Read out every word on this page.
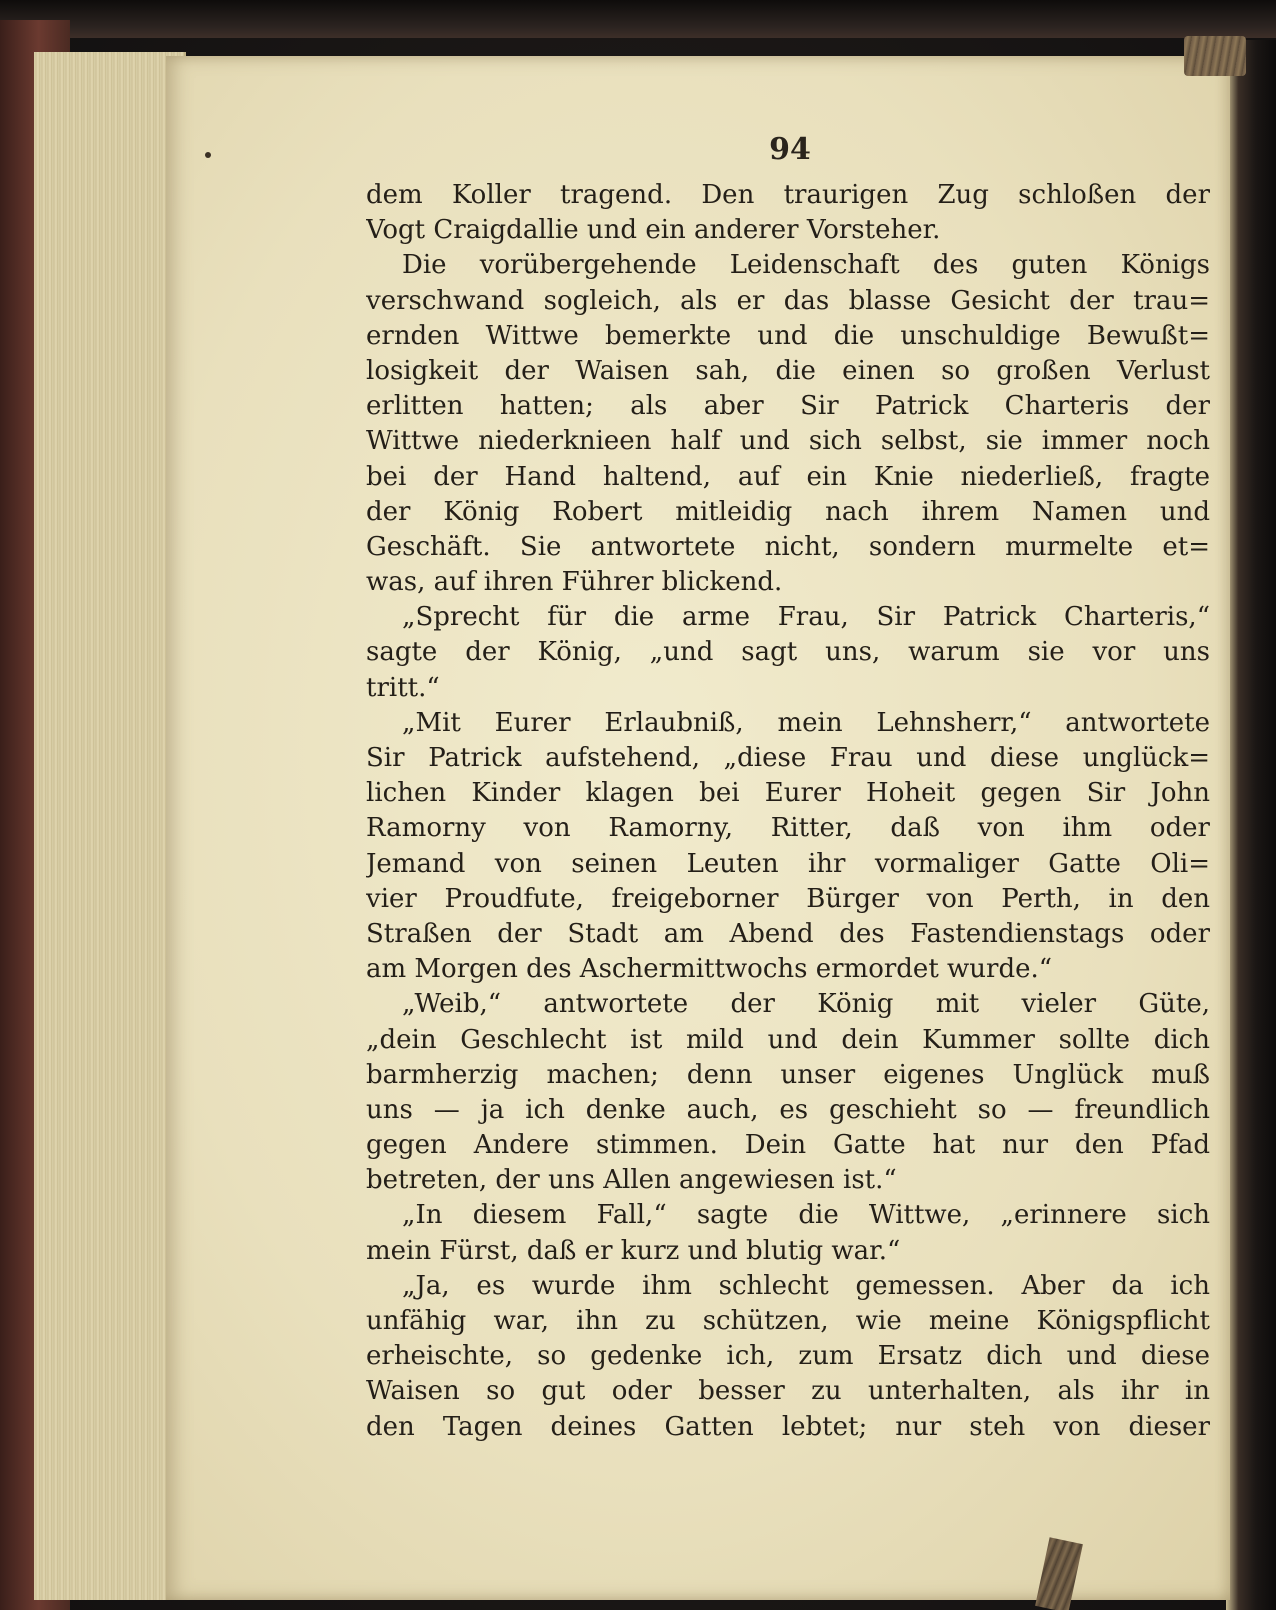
94
dem Koller tragend. Den traurigen Zug schloßen der
Vogt Craigdallie und ein anderer Vorsteher.
Die vorübergehende Leidenschaft des guten Königs
verschwand sogleich, als er das blasse Gesicht der trau=
ernden Wittwe bemerkte und die unschuldige Bewußt=
losigkeit der Waisen sah, die einen so großen Verlust
erlitten hatten; als aber Sir Patrick Charteris der
Wittwe niederknieen half und sich selbst, sie immer noch
bei der Hand haltend, auf ein Knie niederließ, fragte
der König Robert mitleidig nach ihrem Namen und
Geschäft. Sie antwortete nicht, sondern murmelte et=
was, auf ihren Führer blickend.
„Sprecht für die arme Frau, Sir Patrick Charteris,“
sagte der König, „und sagt uns, warum sie vor uns
tritt.“
„Mit Eurer Erlaubniß, mein Lehnsherr,“ antwortete
Sir Patrick aufstehend, „diese Frau und diese unglück=
lichen Kinder klagen bei Eurer Hoheit gegen Sir John
Ramorny von Ramorny, Ritter, daß von ihm oder
Jemand von seinen Leuten ihr vormaliger Gatte Oli=
vier Proudfute, freigeborner Bürger von Perth, in den
Straßen der Stadt am Abend des Fastendienstags oder
am Morgen des Aschermittwochs ermordet wurde.“
„Weib,“ antwortete der König mit vieler Güte,
„dein Geschlecht ist mild und dein Kummer sollte dich
barmherzig machen; denn unser eigenes Unglück muß
uns — ja ich denke auch, es geschieht so — freundlich
gegen Andere stimmen. Dein Gatte hat nur den Pfad
betreten, der uns Allen angewiesen ist.“
„In diesem Fall,“ sagte die Wittwe, „erinnere sich
mein Fürst, daß er kurz und blutig war.“
„Ja, es wurde ihm schlecht gemessen. Aber da ich
unfähig war, ihn zu schützen, wie meine Königspflicht
erheischte, so gedenke ich, zum Ersatz dich und diese
Waisen so gut oder besser zu unterhalten, als ihr in
den Tagen deines Gatten lebtet; nur steh von dieser
